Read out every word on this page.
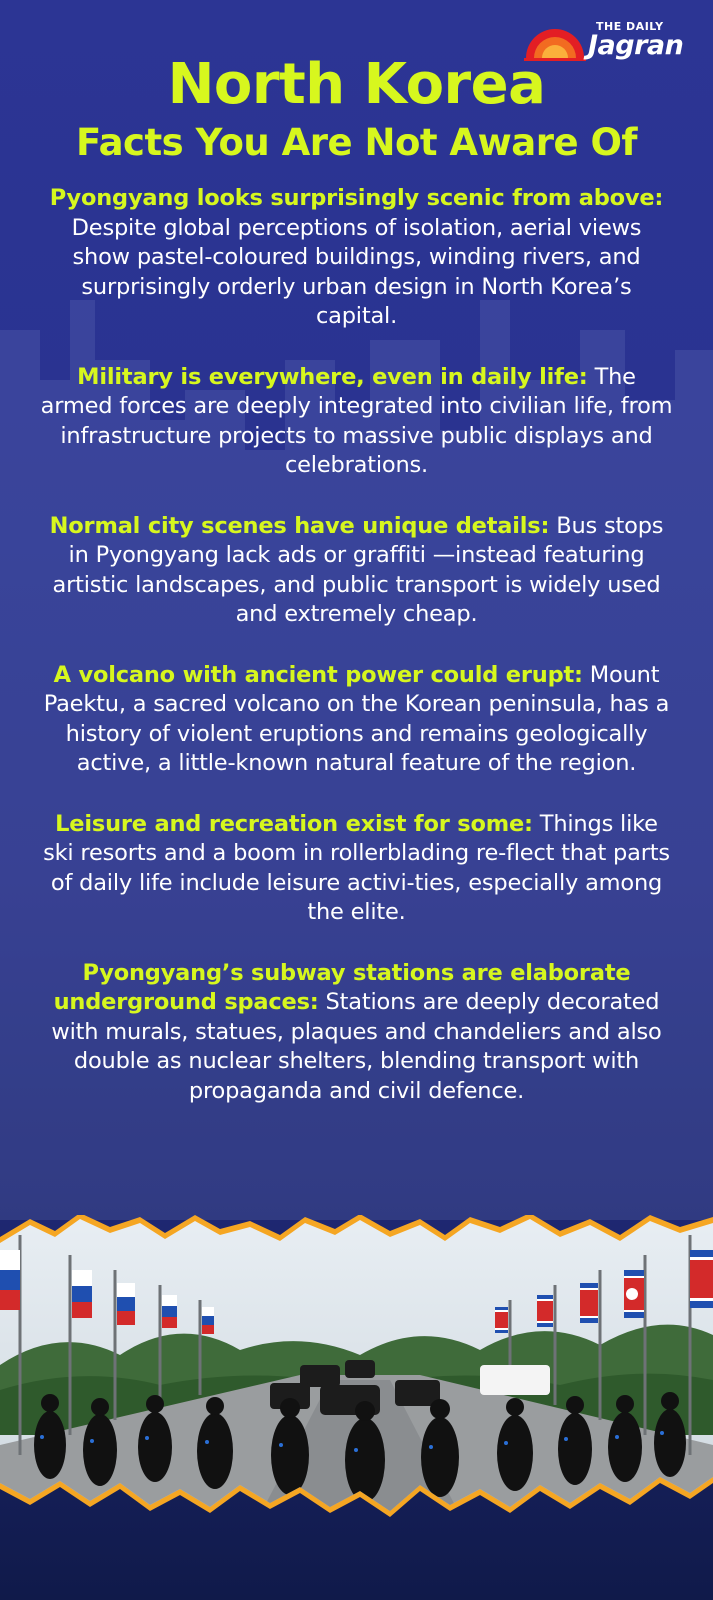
THE DAILY
Jagran
North Korea
Facts You Are Not Aware Of

Pyongyang looks surprisingly scenic from above: Despite global perceptions of isolation, aerial views show pastel-coloured buildings, winding rivers, and surprisingly orderly urban design in North Korea’s capital.

Military is everywhere, even in daily life: The armed forces are deeply integrated into civilian life, from infrastructure projects to massive public displays and celebrations.

Normal city scenes have unique details: Bus stops in Pyongyang lack ads or graffiti —instead featuring artistic landscapes, and public transport is widely used and extremely cheap.

A volcano with ancient power could erupt: Mount Paektu, a sacred volcano on the Korean peninsula, has a history of violent eruptions and remains geologically active, a little-known natural feature of the region.

Leisure and recreation exist for some: Things like ski resorts and a boom in rollerblading re-flect that parts of daily life include leisure activi-ties, especially among the elite.

Pyongyang’s subway stations are elaborate underground spaces: Stations are deeply decorated with murals, statues, plaques and chandeliers and also double as nuclear shelters, blending transport with propaganda and civil defence.
